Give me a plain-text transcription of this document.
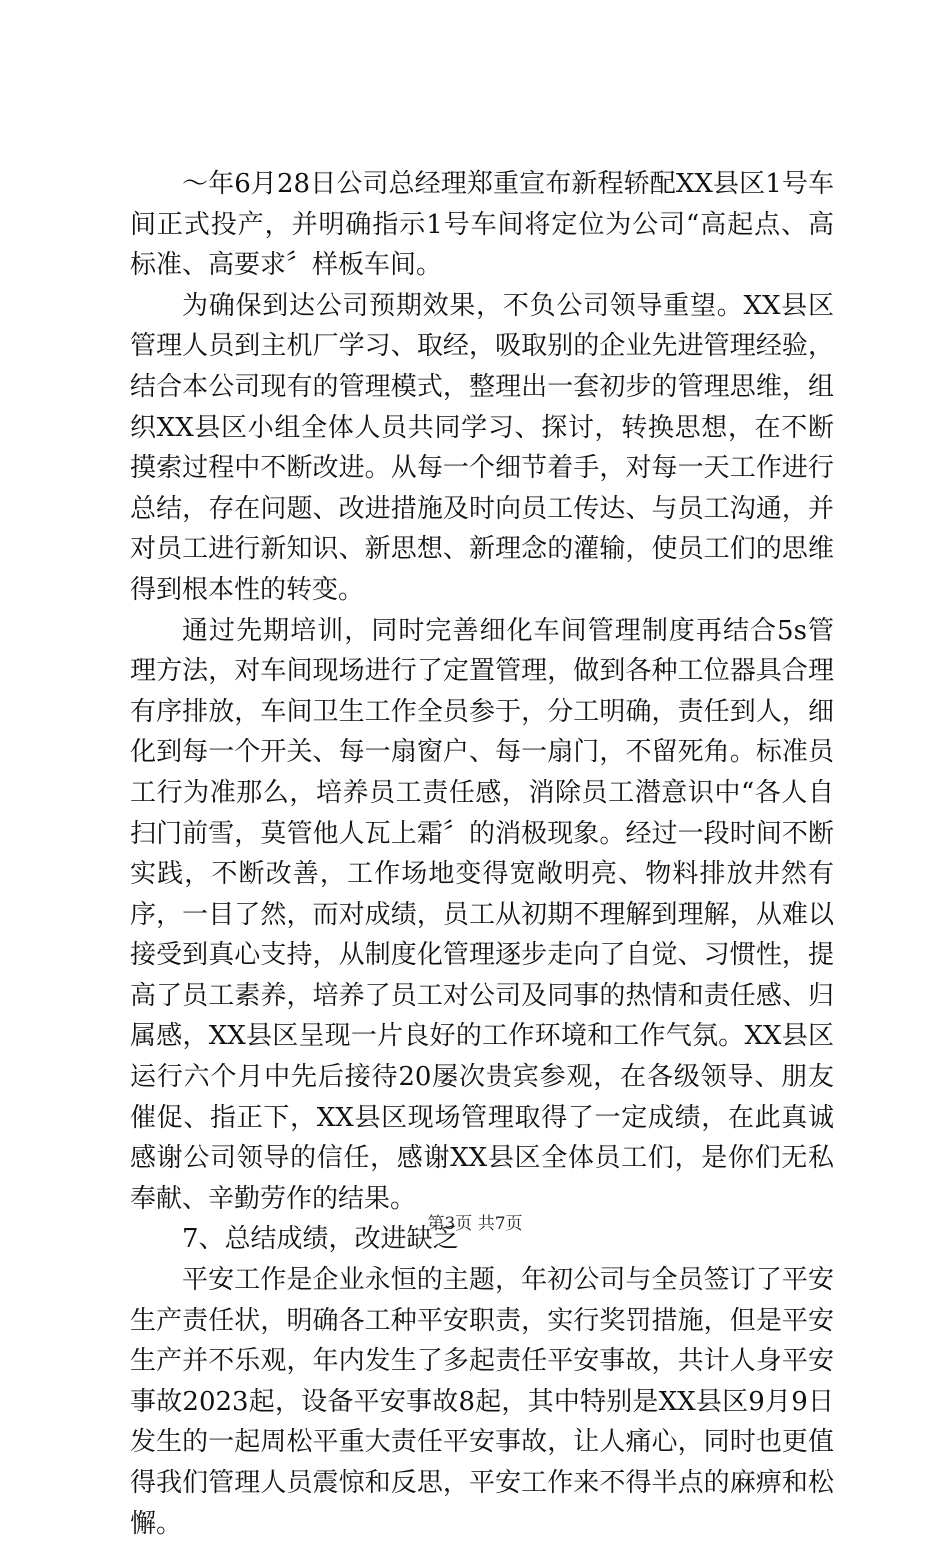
～年6月28日公司总经理郑重宣布新程轿配XX县区1号车间正式投产，并明确指示1号车间将定位为公司“高起点、高标准、高要求〞样板车间。

为确保到达公司预期效果，不负公司领导重望。XX县区管理人员到主机厂学习、取经，吸取别的企业先进管理经验，结合本公司现有的管理模式，整理出一套初步的管理思维，组织XX县区小组全体人员共同学习、探讨，转换思想，在不断摸索过程中不断改进。从每一个细节着手，对每一天工作进行总结，存在问题、改进措施及时向员工传达、与员工沟通，并对员工进行新知识、新思想、新理念的灌输，使员工们的思维得到根本性的转变。

通过先期培训，同时完善细化车间管理制度再结合5s管理方法，对车间现场进行了定置管理，做到各种工位器具合理有序排放，车间卫生工作全员参于，分工明确，责任到人，细化到每一个开关、每一扇窗户、每一扇门，不留死角。标准员工行为准那么，培养员工责任感，消除员工潜意识中“各人自扫门前雪，莫管他人瓦上霜〞的消极现象。经过一段时间不断实践，不断改善，工作场地变得宽敞明亮、物料排放井然有序，一目了然，而对成绩，员工从初期不理解到理解，从难以接受到真心支持，从制度化管理逐步走向了自觉、习惯性，提高了员工素养，培养了员工对公司及同事的热情和责任感、归属感，XX县区呈现一片良好的工作环境和工作气氛。XX县区运行六个月中先后接待20屡次贵宾参观，在各级领导、朋友催促、指正下，XX县区现场管理取得了一定成绩，在此真诚感谢公司领导的信任，感谢XX县区全体员工们，是你们无私奉献、辛勤劳作的结果。

7、总结成绩，改进缺乏

平安工作是企业永恒的主题，年初公司与全员签订了平安生产责任状，明确各工种平安职责，实行奖罚措施，但是平安生产并不乐观，年内发生了多起责任平安事故，共计人身平安事故2023起，设备平安事故8起，其中特别是XX县区9月9日发生的一起周松平重大责任平安事故，让人痛心，同时也更值得我们管理人员震惊和反思，平安工作来不得半点的麻痹和松懈。

第3页 共7页
